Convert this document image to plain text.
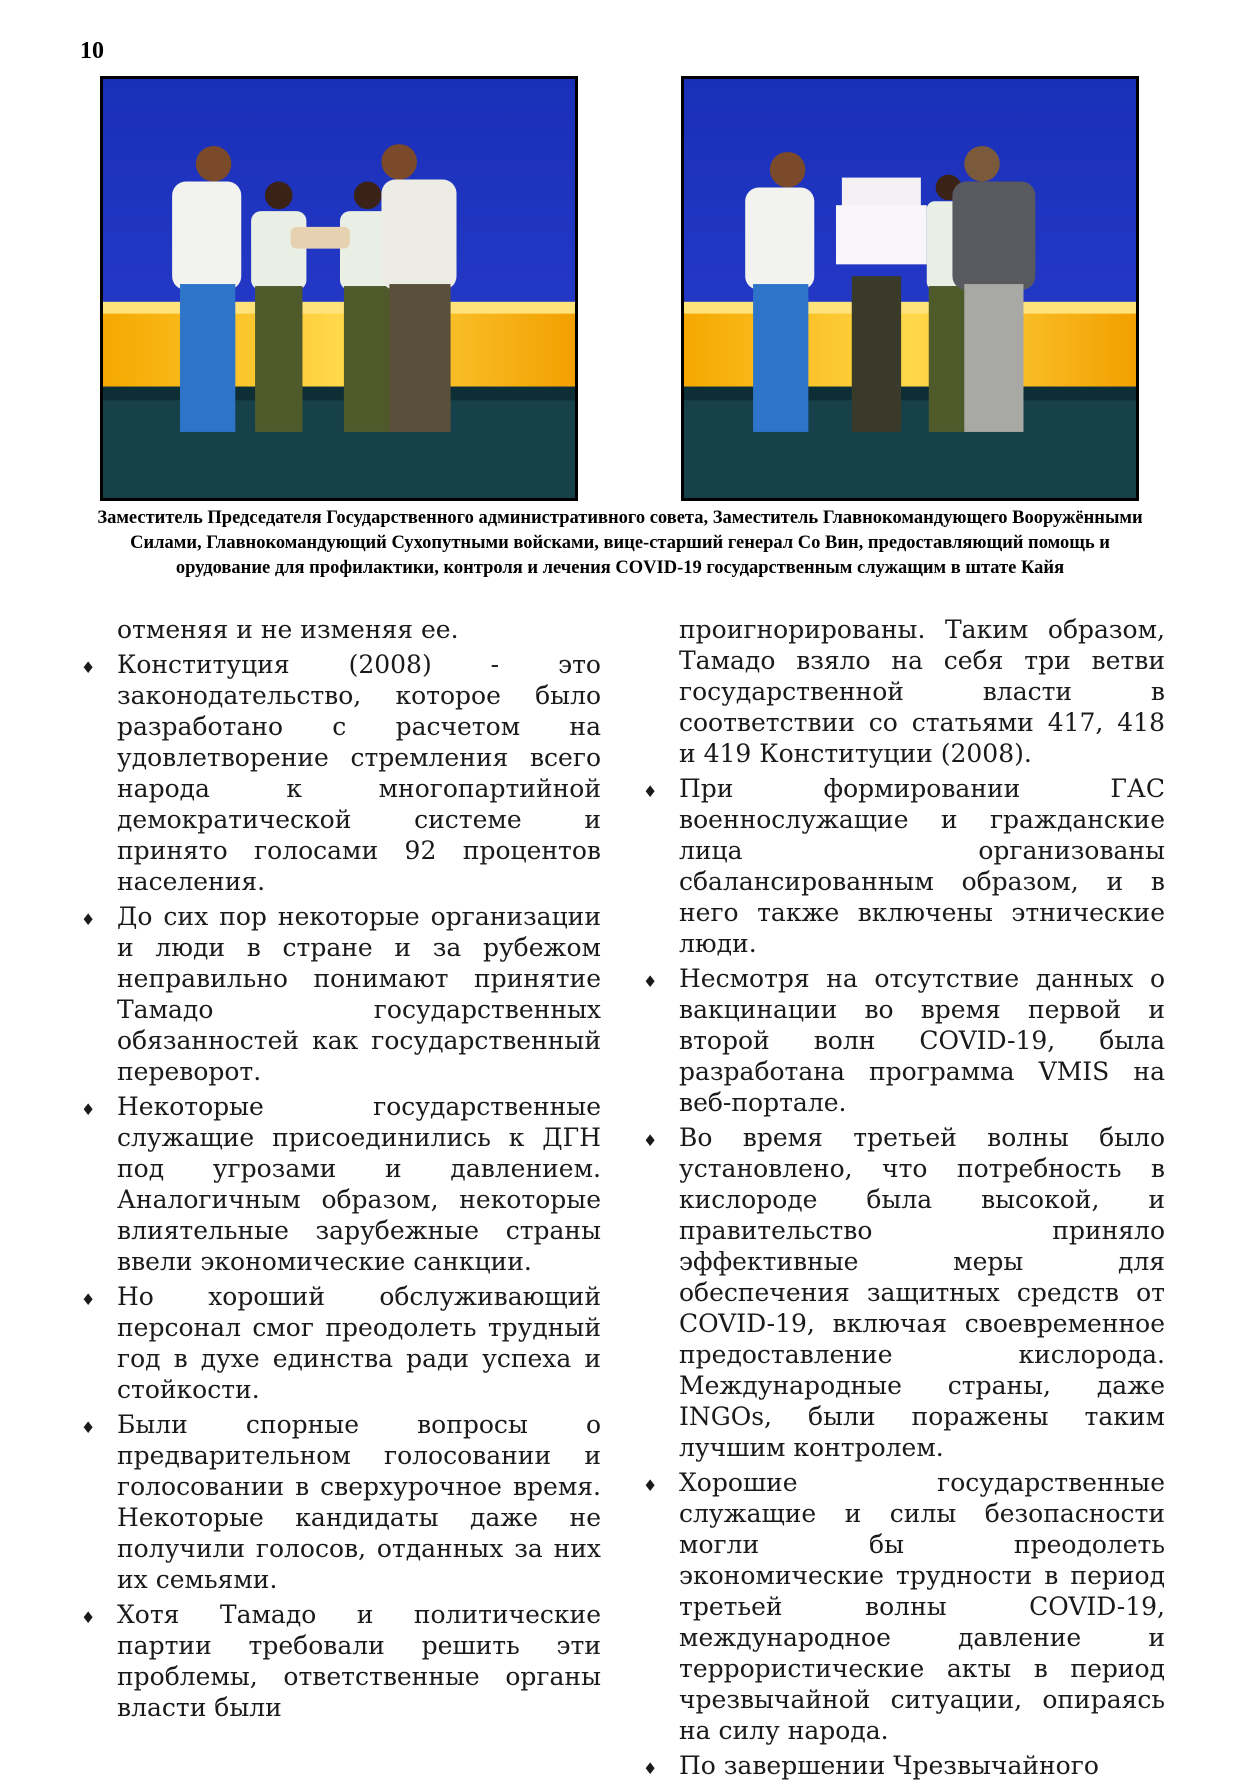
10
Заместитель Председателя Государственного административного совета, Заместитель Главнокомандующего Вооружёнными Силами, Главнокомандующий Сухопутными войсками, вице-старший генерал Со Вин, предоставляющий помощь и орудование для профилактики, контроля и лечения COVID-19 государственным служащим в штате Кайя

отменяя и не изменяя ее.

♦ Конституция (2008) - это законодательство, которое было разработано с расчетом на удовлетворение стремления всего народа к многопартийной демократической системе и принято голосами 92 процентов населения.

♦ До сих пор некоторые организации и люди в стране и за рубежом неправильно понимают принятие Тамадо государственных обязанностей как государственный переворот.

♦ Некоторые государственные служащие присоединились к ДГН под угрозами и давлением. Аналогичным образом, некоторые влиятельные зарубежные страны ввели экономические санкции.

♦ Но хороший обслуживающий персонал смог преодолеть трудный год в духе единства ради успеха и стойкости.

♦ Были спорные вопросы о предварительном голосовании и голосовании в сверхурочное время. Некоторые кандидаты даже не получили голосов, отданных за них их семьями.

♦ Хотя Тамадо и политические партии требовали решить эти проблемы, ответственные органы власти были

проигнорированы. Таким образом, Тамадо взяло на себя три ветви государственной власти в соответствии со статьями 417, 418 и 419 Конституции (2008).

♦ При формировании ГАС военнослужащие и гражданские лица организованы сбалансированным образом, и в него также включены этнические люди.

♦ Несмотря на отсутствие данных о вакцинации во время первой и второй волн COVID-19, была разработана программа VMIS на веб-портале.

♦ Во время третьей волны было установлено, что потребность в кислороде была высокой, и правительство приняло эффективные меры для обеспечения защитных средств от COVID-19, включая своевременное предоставление кислорода. Международные страны, даже INGOs, были поражены таким лучшим контролем.

♦ Хорошие государственные служащие и силы безопасности могли бы преодолеть экономические трудности в период третьей волны COVID-19, международное давление и террористические акты в период чрезвычайной ситуации, опираясь на силу народа.

♦ По завершении Чрезвычайного
